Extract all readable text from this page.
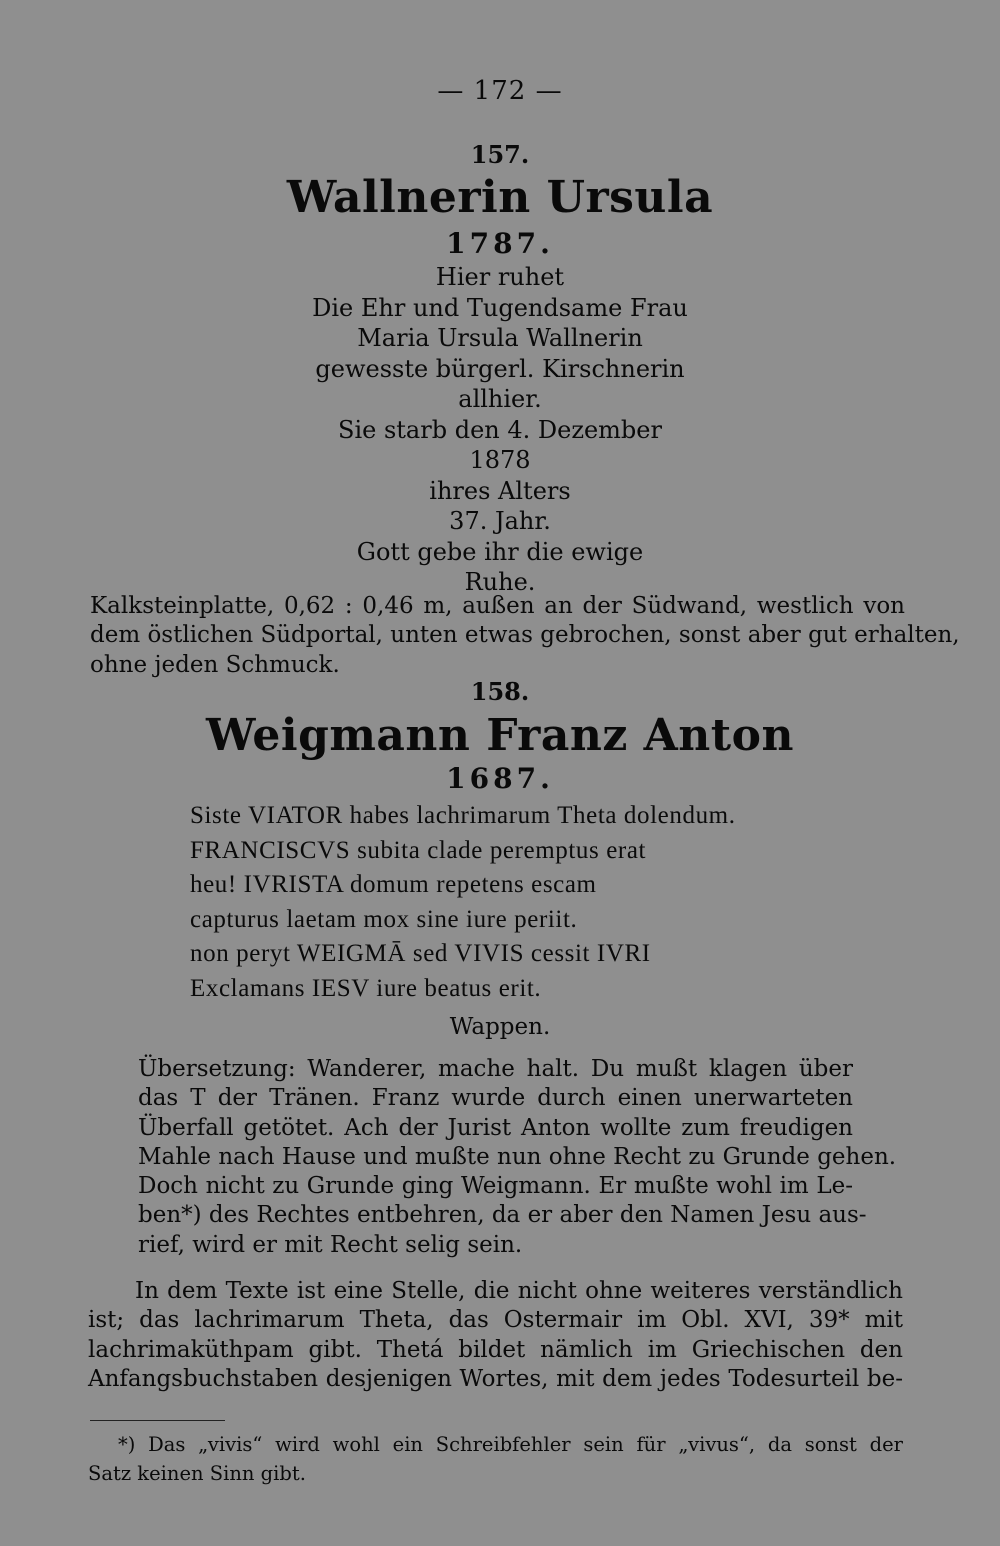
— 172 —
157.
Wallnerin Ursula
1787.
Hier ruhet
Die Ehr und Tugendsame Frau
Maria Ursula Wallnerin
gewesste bürgerl. Kirschnerin
allhier.
Sie starb den 4. Dezember
1878
ihres Alters
37. Jahr.
Gott gebe ihr die ewige
Ruhe.
Kalksteinplatte, 0,62 : 0,46 m, außen an der Südwand, westlich von
dem östlichen Südportal, unten etwas gebrochen, sonst aber gut erhalten,
ohne jeden Schmuck.
158.
Weigmann Franz Anton
1687.
Siste VIATOR habes lachrimarum Theta dolendum.
FRANCISCVS subita clade peremptus erat
heu! IVRISTA domum repetens escam
capturus laetam mox sine iure periit.
non peryt WEIGMĀ sed VIVIS cessit IVRI
Exclamans IESV iure beatus erit.
Wappen.
Übersetzung: Wanderer, mache halt. Du mußt klagen über
das T der Tränen. Franz wurde durch einen unerwarteten
Überfall getötet. Ach der Jurist Anton wollte zum freudigen
Mahle nach Hause und mußte nun ohne Recht zu Grunde gehen.
Doch nicht zu Grunde ging Weigmann. Er mußte wohl im Le-
ben*) des Rechtes entbehren, da er aber den Namen Jesu aus-
rief, wird er mit Recht selig sein.
In dem Texte ist eine Stelle, die nicht ohne weiteres verständlich
ist; das lachrimarum Theta, das Ostermair im Obl. XVI, 39* mit
lachrimaküthpam gibt. Thetá bildet nämlich im Griechischen den
Anfangsbuchstaben desjenigen Wortes, mit dem jedes Todesurteil be-
*) Das „vivis“ wird wohl ein Schreibfehler sein für „vivus“, da sonst der
Satz keinen Sinn gibt.
